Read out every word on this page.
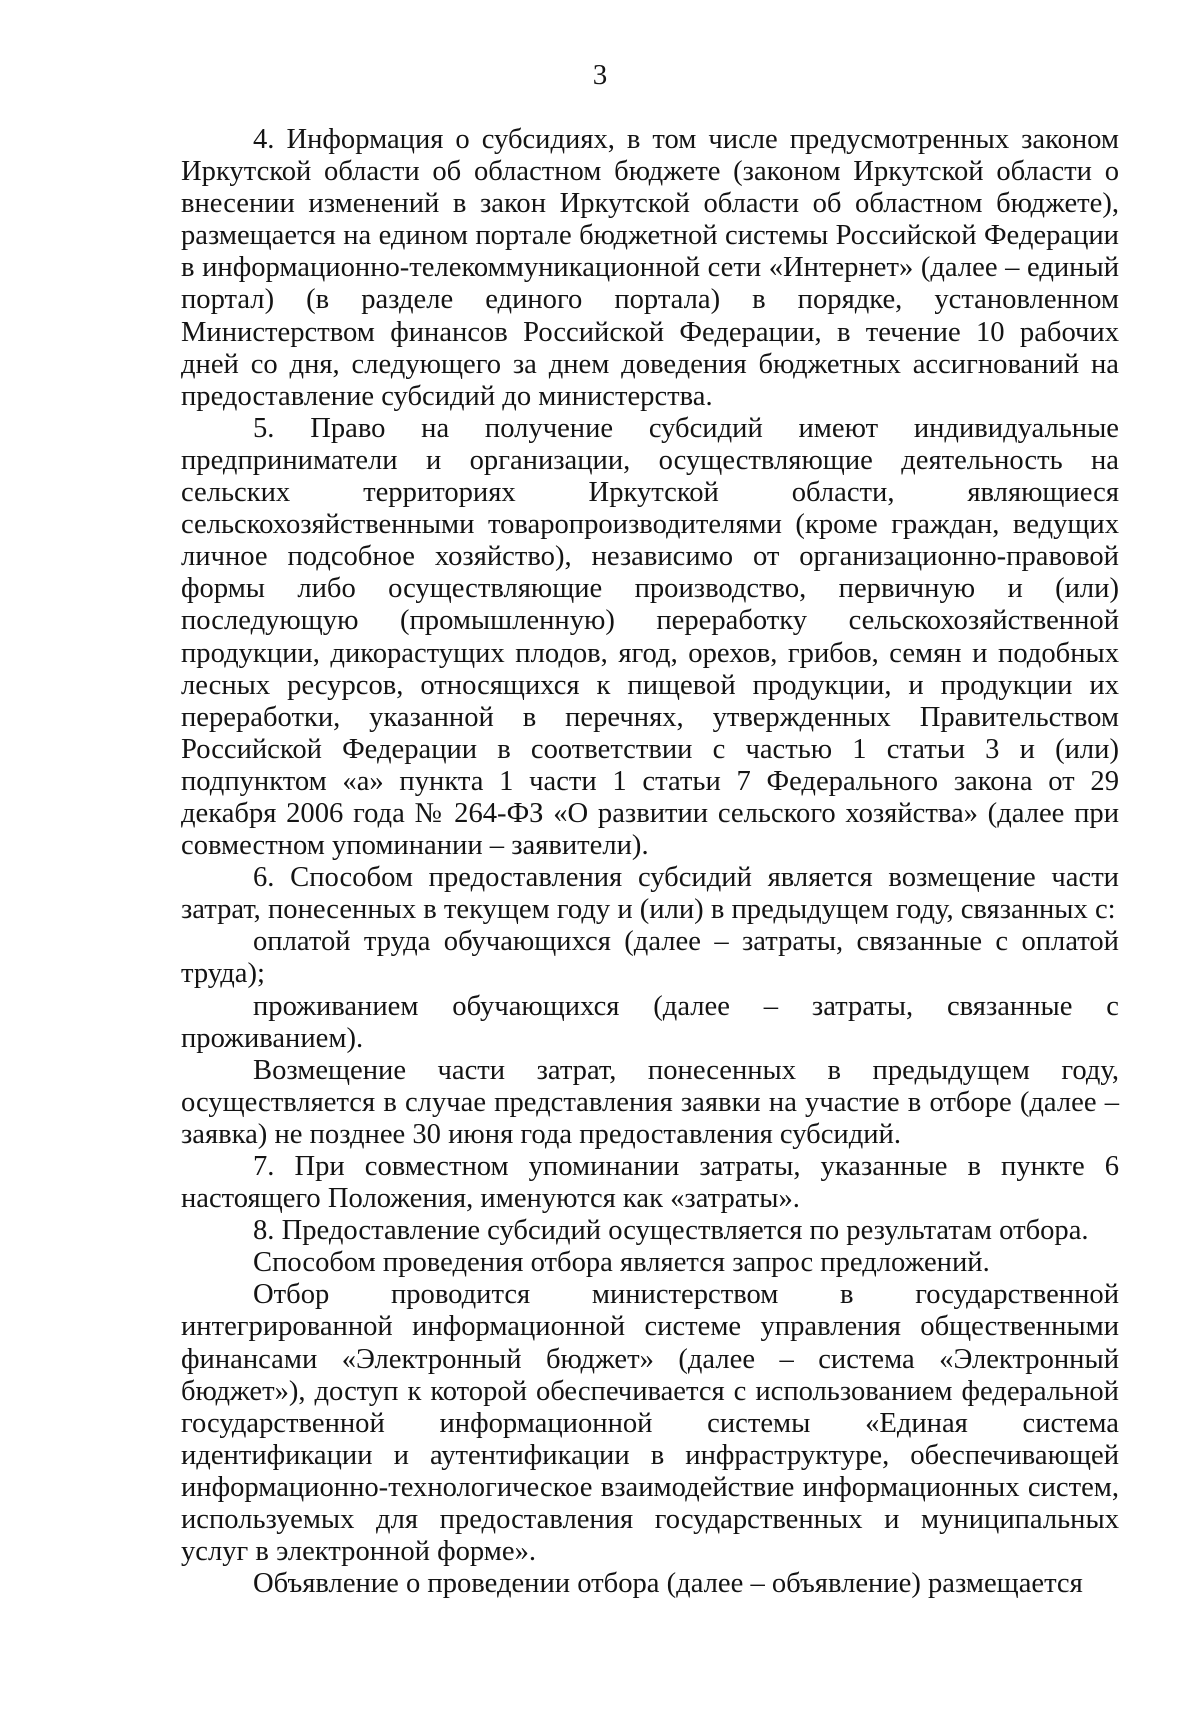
3

4. Информация о субсидиях, в том числе предусмотренных законом Иркутской области об областном бюджете (законом Иркутской области о внесении изменений в закон Иркутской области об областном бюджете), размещается на едином портале бюджетной системы Российской Федерации в информационно-телекоммуникационной сети «Интернет» (далее – единый портал) (в разделе единого портала) в порядке, установленном Министерством финансов Российской Федерации, в течение 10 рабочих дней со дня, следующего за днем доведения бюджетных ассигнований на предоставление субсидий до министерства.

5. Право на получение субсидий имеют индивидуальные предприниматели и организации, осуществляющие деятельность на сельских территориях Иркутской области, являющиеся сельскохозяйственными товаропроизводителями (кроме граждан, ведущих личное подсобное хозяйство), независимо от организационно-правовой формы либо осуществляющие производство, первичную и (или) последующую (промышленную) переработку сельскохозяйственной продукции, дикорастущих плодов, ягод, орехов, грибов, семян и подобных лесных ресурсов, относящихся к пищевой продукции, и продукции их переработки, указанной в перечнях, утвержденных Правительством Российской Федерации в соответствии с частью 1 статьи 3 и (или) подпунктом «а» пункта 1 части 1 статьи 7 Федерального закона от 29 декабря 2006 года № 264-ФЗ «О развитии сельского хозяйства» (далее при совместном упоминании – заявители).

6. Способом предоставления субсидий является возмещение части затрат, понесенных в текущем году и (или) в предыдущем году, связанных с:

оплатой труда обучающихся (далее – затраты, связанные с оплатой труда);

проживанием обучающихся (далее – затраты, связанные с проживанием).

Возмещение части затрат, понесенных в предыдущем году, осуществляется в случае представления заявки на участие в отборе (далее – заявка) не позднее 30 июня года предоставления субсидий.

7. При совместном упоминании затраты, указанные в пункте 6 настоящего Положения, именуются как «затраты».

8. Предоставление субсидий осуществляется по результатам отбора.

Способом проведения отбора является запрос предложений.

Отбор проводится министерством в государственной интегрированной информационной системе управления общественными финансами «Электронный бюджет» (далее – система «Электронный бюджет»), доступ к которой обеспечивается с использованием федеральной государственной информационной системы «Единая система идентификации и аутентификации в инфраструктуре, обеспечивающей информационно-технологическое взаимодействие информационных систем, используемых для предоставления государственных и муниципальных услуг в электронной форме».

Объявление о проведении отбора (далее – объявление) размещается
